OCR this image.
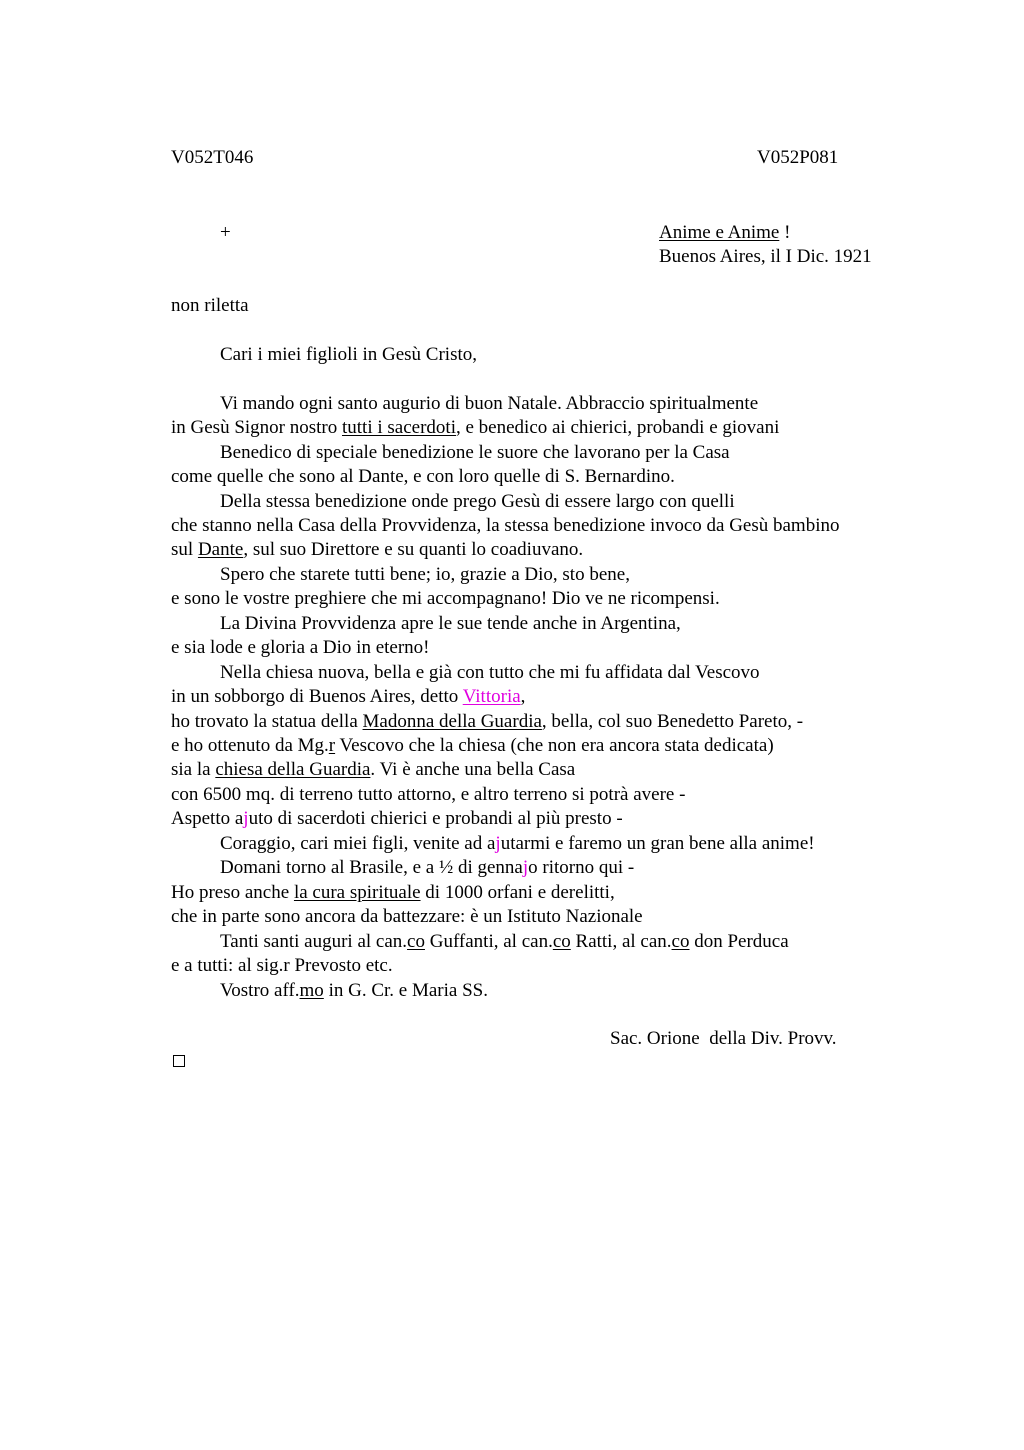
V052T046	V052P081
+	Anime e Anime !
Buenos Aires, il I Dic. 1921
non riletta
Cari i miei figlioli in Gesù Cristo,
Vi mando ogni santo augurio di buon Natale. Abbraccio spiritualmente
in Gesù Signor nostro tutti i sacerdoti, e benedico ai chierici, probandi e giovani
Benedico di speciale benedizione le suore che lavorano per la Casa
come quelle che sono al Dante, e con loro quelle di S. Bernardino.
Della stessa benedizione onde prego Gesù di essere largo con quelli
che stanno nella Casa della Provvidenza, la stessa benedizione invoco da Gesù bambino
sul Dante, sul suo Direttore e su quanti lo coadiuvano.
Spero che starete tutti bene; io, grazie a Dio, sto bene,
e sono le vostre preghiere che mi accompagnano! Dio ve ne ricompensi.
La Divina Provvidenza apre le sue tende anche in Argentina,
e sia lode e gloria a Dio in eterno!
Nella chiesa nuova, bella e già con tutto che mi fu affidata dal Vescovo
in un sobborgo di Buenos Aires, detto Vittoria,
ho trovato la statua della Madonna della Guardia, bella, col suo Benedetto Pareto, -
e ho ottenuto da Mg.r Vescovo che la chiesa (che non era ancora stata dedicata)
sia la chiesa della Guardia. Vi è anche una bella Casa
con 6500 mq. di terreno tutto attorno, e altro terreno si potrà avere -
Aspetto ajuto di sacerdoti chierici e probandi al più presto -
Coraggio, cari miei figli, venite ad ajutarmi e faremo un gran bene alla anime!
Domani torno al Brasile, e a ½ di gennajo ritorno qui -
Ho preso anche la cura spirituale di 1000 orfani e derelitti,
che in parte sono ancora da battezzare: è un Istituto Nazionale
Tanti santi auguri al can.co Guffanti, al can.co Ratti, al can.co don Perduca
e a tutti: al sig.r Prevosto etc.
Vostro aff.mo in G. Cr. e Maria SS.
Sac. Orione  della Div. Provv.
